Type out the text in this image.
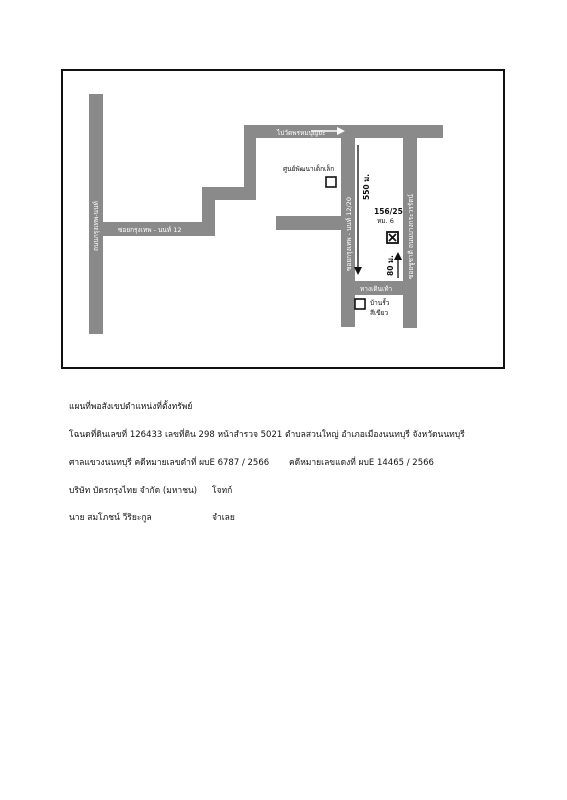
ถนนกรุงเทพ-นนท์	ซอยกรุงเทพ - นนท์ 12
ไปวัดพรหมบุญยะ
ซอยกรุงเทพ - นนท์ 12/20	ซอยชูชาติ ถนนบางกระวรรัตน์
ทางเดินเท้า
ศูนย์พัฒนาเด็กเล็ก
550 ม.
156/25
หม. 6
80 ม.
บ้านรั้ว
สีเขียว
แผนที่พอสังเขปตำแหน่งที่ตั้งทรัพย์
โฉนดที่ดินเลขที่ 126433 เลขที่ดิน 298 หน้าสำรวจ 5021 ตำบลสวนใหญ่ อำเภอเมืองนนทบุรี จังหวัดนนทบุรี
ศาลแขวงนนทบุรี คดีหมายเลขดำที่ ผบE 6787 / 2566 คดีหมายเลขแดงที่ ผบE 14465 / 2566
บริษัท บัตรกรุงไทย จำกัด (มหาชน) โจทก์
นาย สมโภชน์ วีริยะกูล	จำเลย
